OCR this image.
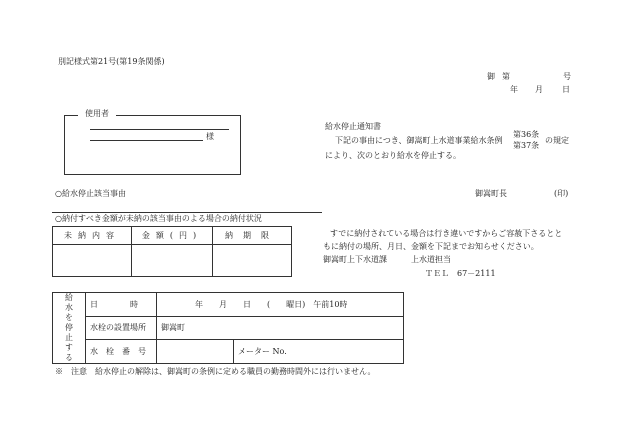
別記様式第21号(第19条関係)
御 第	号
年 月 日
使用者
様
給水停止通知書
下記の事由につき、御嵩町上水道事業給水条例
第36条
第37条
の規定
により、次のとおり給水を停止する。
○給水停止該当事由	御嵩町長	(印)
○納付すべき金額が未納の該当事由のよる場合の納付状況
未納内容	金額(円)	納期限
			すでに納付されている場合は行き違いですからご容赦下さるとと
もに納付の場所、月日、金額を下記までお知らせください。
御嵩町上下水道課　　　上水道担当
ＴＥＬ　67－2111
給水を停止する	日　　　　時	年　　月　　日　　(　　曜日)　午前10時	
	水栓の設置場所	御嵩町	
	水　栓　番　号		メーター No.
※　注意　給水停止の解除は、御嵩町の条例に定める職員の勤務時間外には行いません。
